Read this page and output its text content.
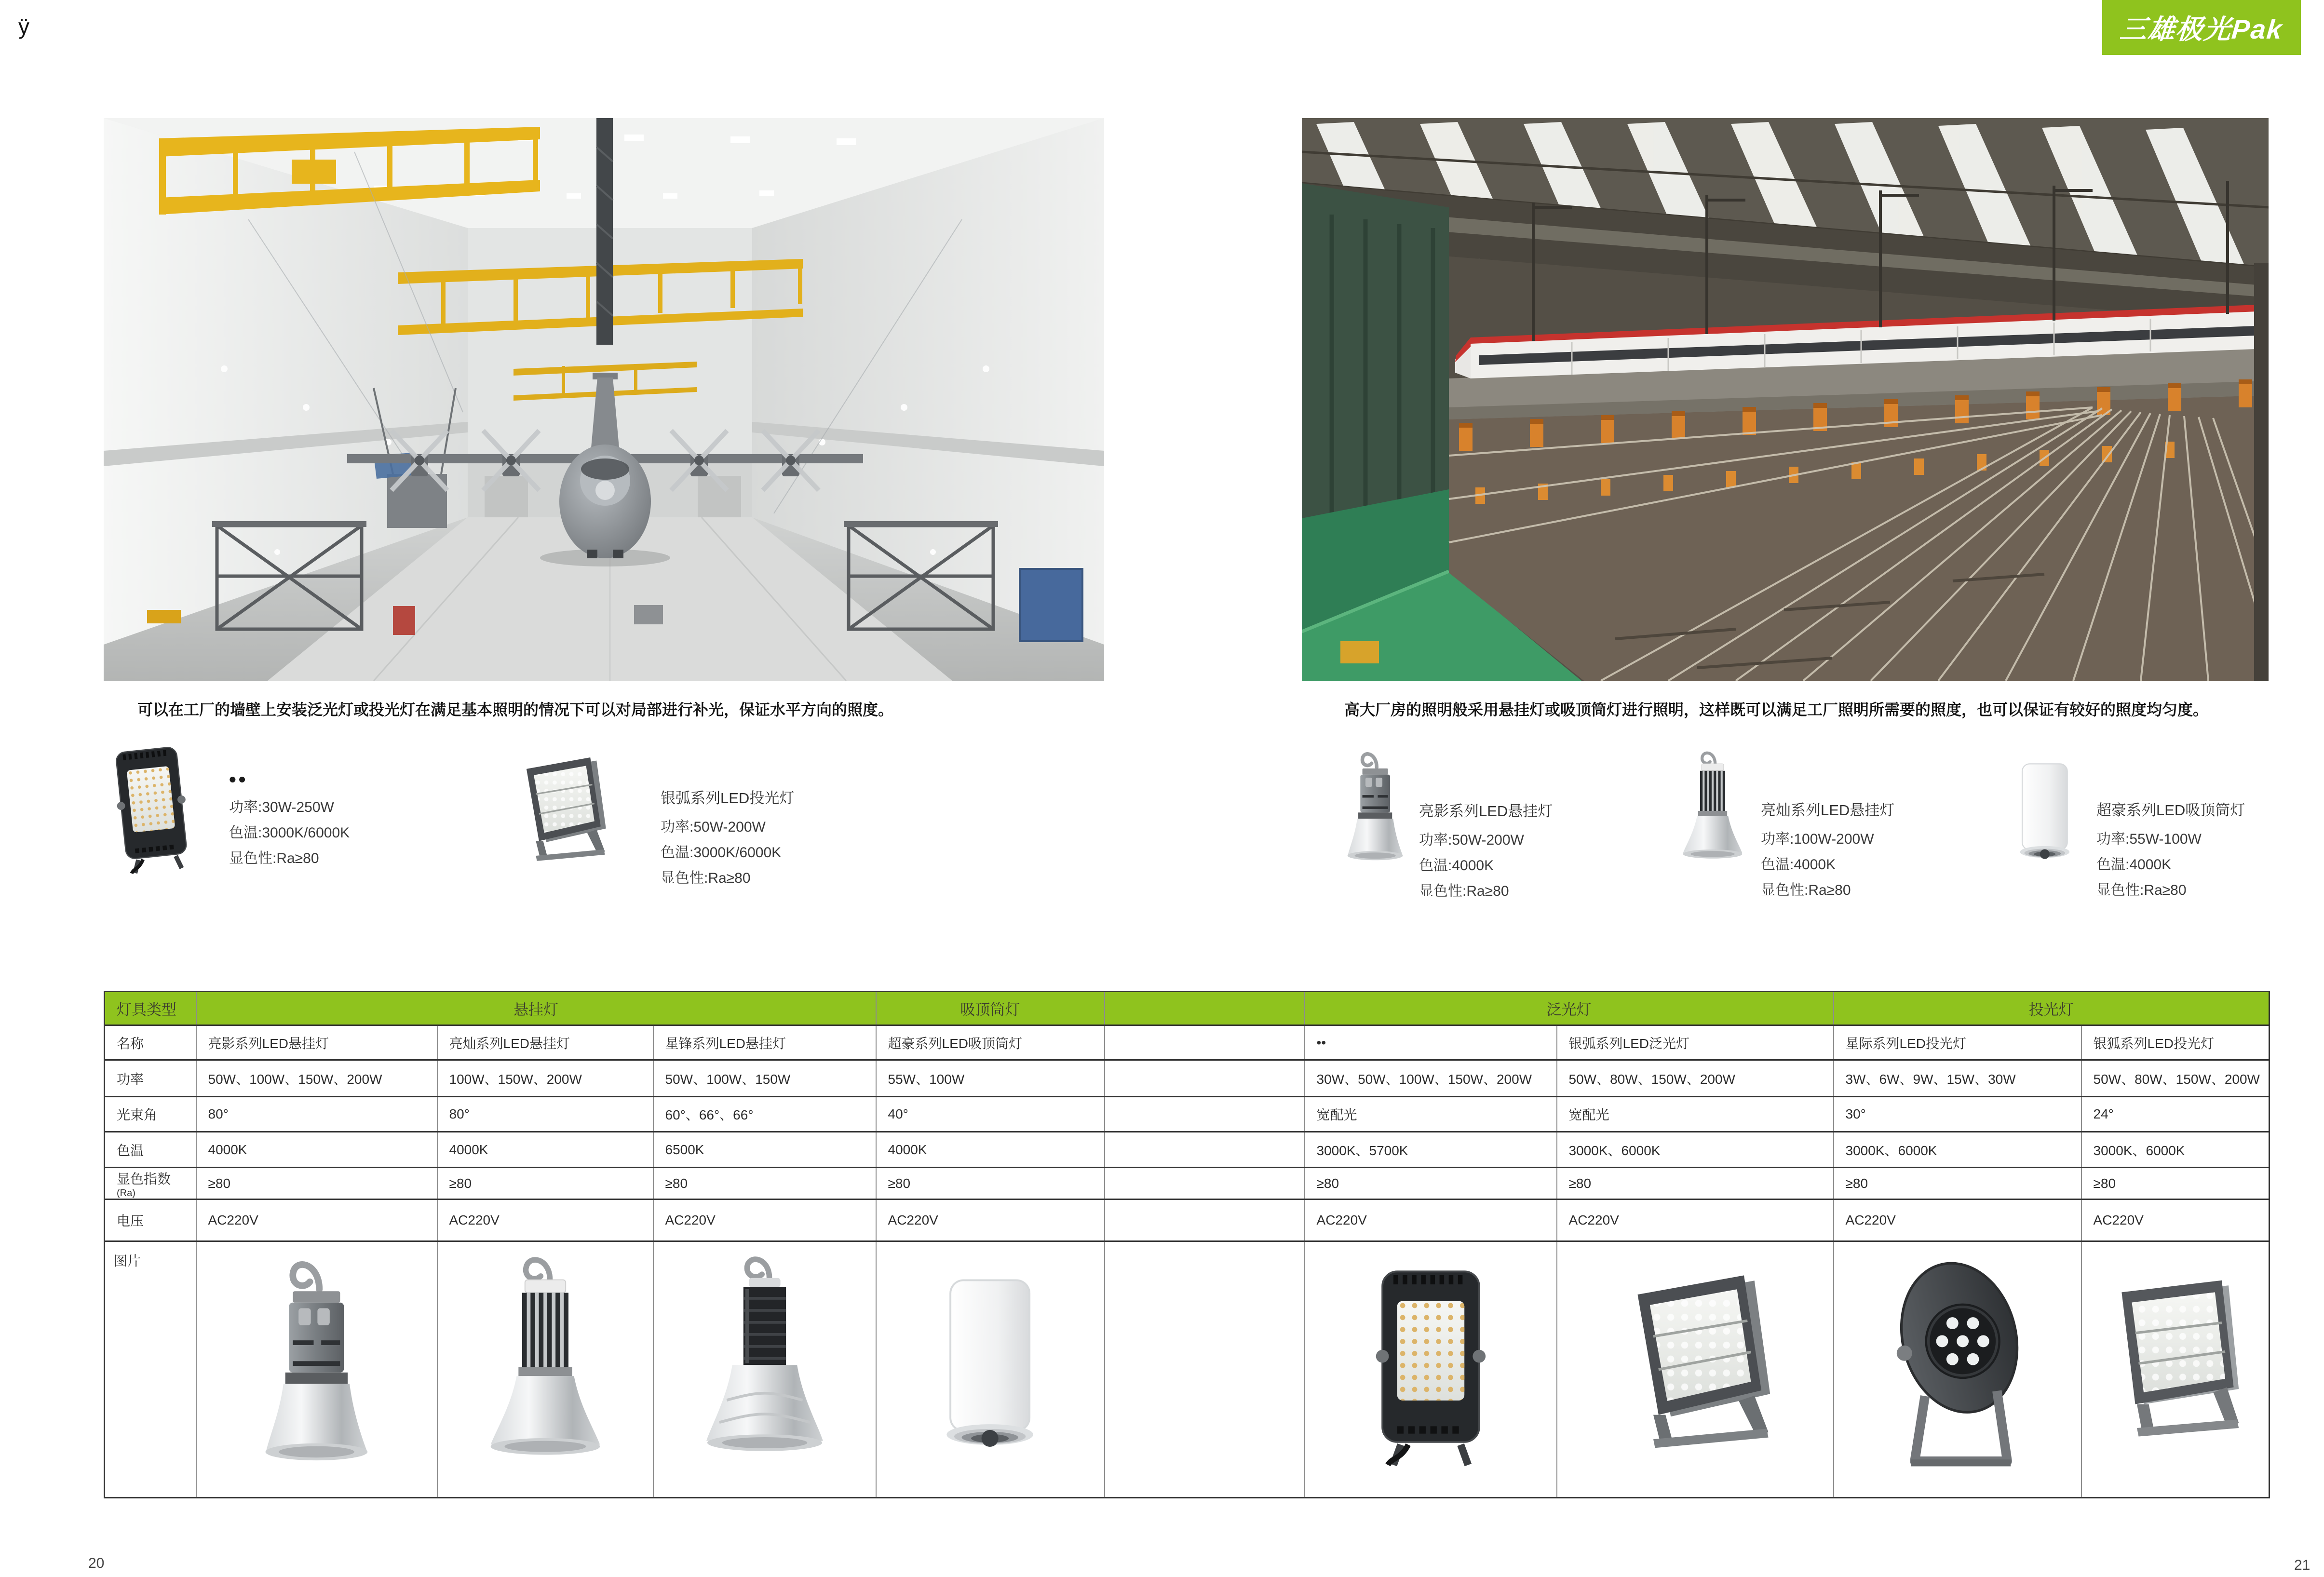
ÿ	三雄极光Pak
可以在工厂的墙壁上安装泛光灯或投光灯在满足基本照明的情况下可以对局部进行补光，保证水平方向的照度。	高大厂房的照明般采用悬挂灯或吸顶筒灯进行照明，这样既可以满足工厂照明所需要的照度，也可以保证有较好的照度均匀度。
••
功率:30W-250W
色温:3000K/6000K
显色性:Ra≥80
银弧系列LED投光灯
功率:50W-200W
色温:3000K/6000K
显色性:Ra≥80
亮影系列LED悬挂灯
功率:50W-200W
色温:4000K
显色性:Ra≥80
亮灿系列LED悬挂灯
功率:100W-200W
色温:4000K
显色性:Ra≥80
超豪系列LED吸顶筒灯
功率:55W-100W
色温:4000K
显色性:Ra≥80
灯具类型	悬挂灯			吸顶筒灯		泛光灯		投光灯	
名称	亮影系列LED悬挂灯	亮灿系列LED悬挂灯	星锋系列LED悬挂灯	超豪系列LED吸顶筒灯		••	银弧系列LED泛光灯	星际系列LED投光灯	银狐系列LED投光灯
功率	50W、100W、150W、200W	100W、150W、200W	50W、100W、150W	55W、100W		30W、50W、100W、150W、200W	50W、80W、150W、200W	3W、6W、9W、15W、30W	50W、80W、150W、200W
光束角	80°	80°	60°、66°、66°	40°		宽配光	宽配光	30°	24°
色温	4000K	4000K	6500K	4000K		3000K、5700K	3000K、6000K	3000K、6000K	3000K、6000K
显色指数
(Ra)	≥80	≥80	≥80	≥80		≥80	≥80	≥80	≥80
电压	AC220V	AC220V	AC220V	AC220V		AC220V	AC220V	AC220V	AC220V
图片									
20	21
